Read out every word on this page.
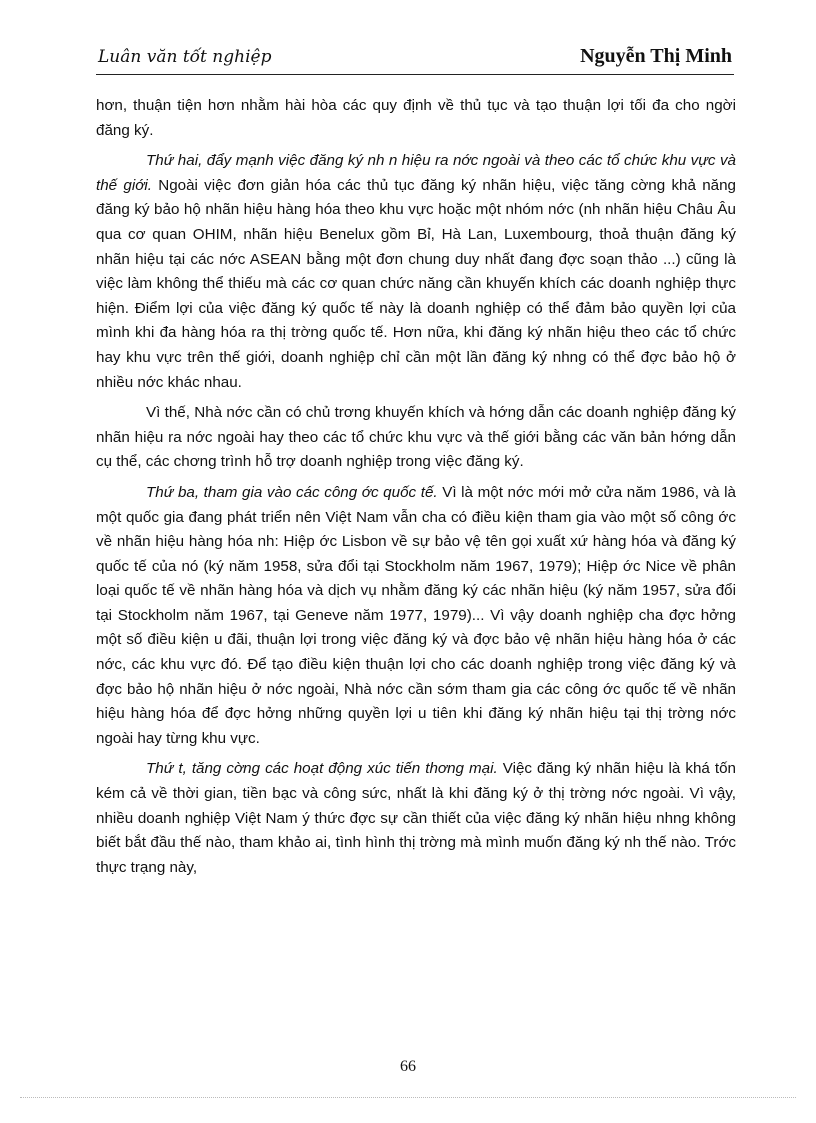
Luân văn tốt nghiệp	Nguyễn Thị Minh

hơn, thuận tiện hơn nhằm hài hòa các quy định về thủ tục và tạo thuận lợi tối đa cho ngời đăng ký.

Thứ hai, đẩy mạnh việc đăng ký nh n hiệu ra nớc ngoài và theo các tổ chức khu vực và thế giới. Ngoài việc đơn giản hóa các thủ tục đăng ký nhãn hiệu, việc tăng cờng khả năng đăng ký bảo hộ nhãn hiệu hàng hóa theo khu vực hoặc một nhóm nớc (nh nhãn hiệu Châu Âu qua cơ quan OHIM, nhãn hiệu Benelux gồm Bỉ, Hà Lan, Luxembourg, thoả thuận đăng ký nhãn hiệu tại các nớc ASEAN bằng một đơn chung duy nhất đang đợc soạn thảo ...) cũng là việc làm không thể thiếu mà các cơ quan chức năng cần khuyến khích các doanh nghiệp thực hiện. Điểm lợi của việc đăng ký quốc tế này là doanh nghiệp có thể đảm bảo quyền lợi của mình khi đa hàng hóa ra thị trờng quốc tế. Hơn nữa, khi đăng ký nhãn hiệu theo các tổ chức hay khu vực trên thế giới, doanh nghiệp chỉ cần một lần đăng ký nhng có thể đợc bảo hộ ở nhiều nớc khác nhau.

Vì thế, Nhà nớc cần có chủ trơng khuyến khích và hớng dẫn các doanh nghiệp đăng ký nhãn hiệu ra nớc ngoài hay theo các tổ chức khu vực và thế giới bằng các văn bản hớng dẫn cụ thể, các chơng trình hỗ trợ doanh nghiệp trong việc đăng ký.

Thứ ba, tham gia vào các công ớc quốc tế. Vì là một nớc mới mở cửa năm 1986, và là một quốc gia đang phát triển nên Việt Nam vẫn cha có điều kiện tham gia vào một số công ớc về nhãn hiệu hàng hóa nh: Hiệp ớc Lisbon về sự bảo vệ tên gọi xuất xứ hàng hóa và đăng ký quốc tế của nó (ký năm 1958, sửa đổi tại Stockholm năm 1967, 1979); Hiệp ớc Nice về phân loại quốc tế về nhãn hàng hóa và dịch vụ nhằm đăng ký các nhãn hiệu (ký năm 1957, sửa đổi tại Stockholm năm 1967, tại Geneve năm 1977, 1979)... Vì vậy doanh nghiệp cha đợc hởng một số điều kiện u đãi, thuận lợi trong việc đăng ký và đợc bảo vệ nhãn hiệu hàng hóa ở các nớc, các khu vực đó. Để tạo điều kiện thuận lợi cho các doanh nghiệp trong việc đăng ký và đợc bảo hộ nhãn hiệu ở nớc ngoài, Nhà nớc cần sớm tham gia các công ớc quốc tế về nhãn hiệu hàng hóa để đợc hởng những quyền lợi u tiên khi đăng ký nhãn hiệu tại thị trờng nớc ngoài hay từng khu vực.

Thứ t, tăng cờng các hoạt động xúc tiến thơng mại. Việc đăng ký nhãn hiệu là khá tốn kém cả về thời gian, tiền bạc và công sức, nhất là khi đăng ký ở thị trờng nớc ngoài. Vì vậy, nhiều doanh nghiệp Việt Nam ý thức đợc sự cần thiết của việc đăng ký nhãn hiệu nhng không biết bắt đầu thế nào, tham khảo ai, tình hình thị trờng mà mình muốn đăng ký nh thế nào. Trớc thực trạng này,

66
